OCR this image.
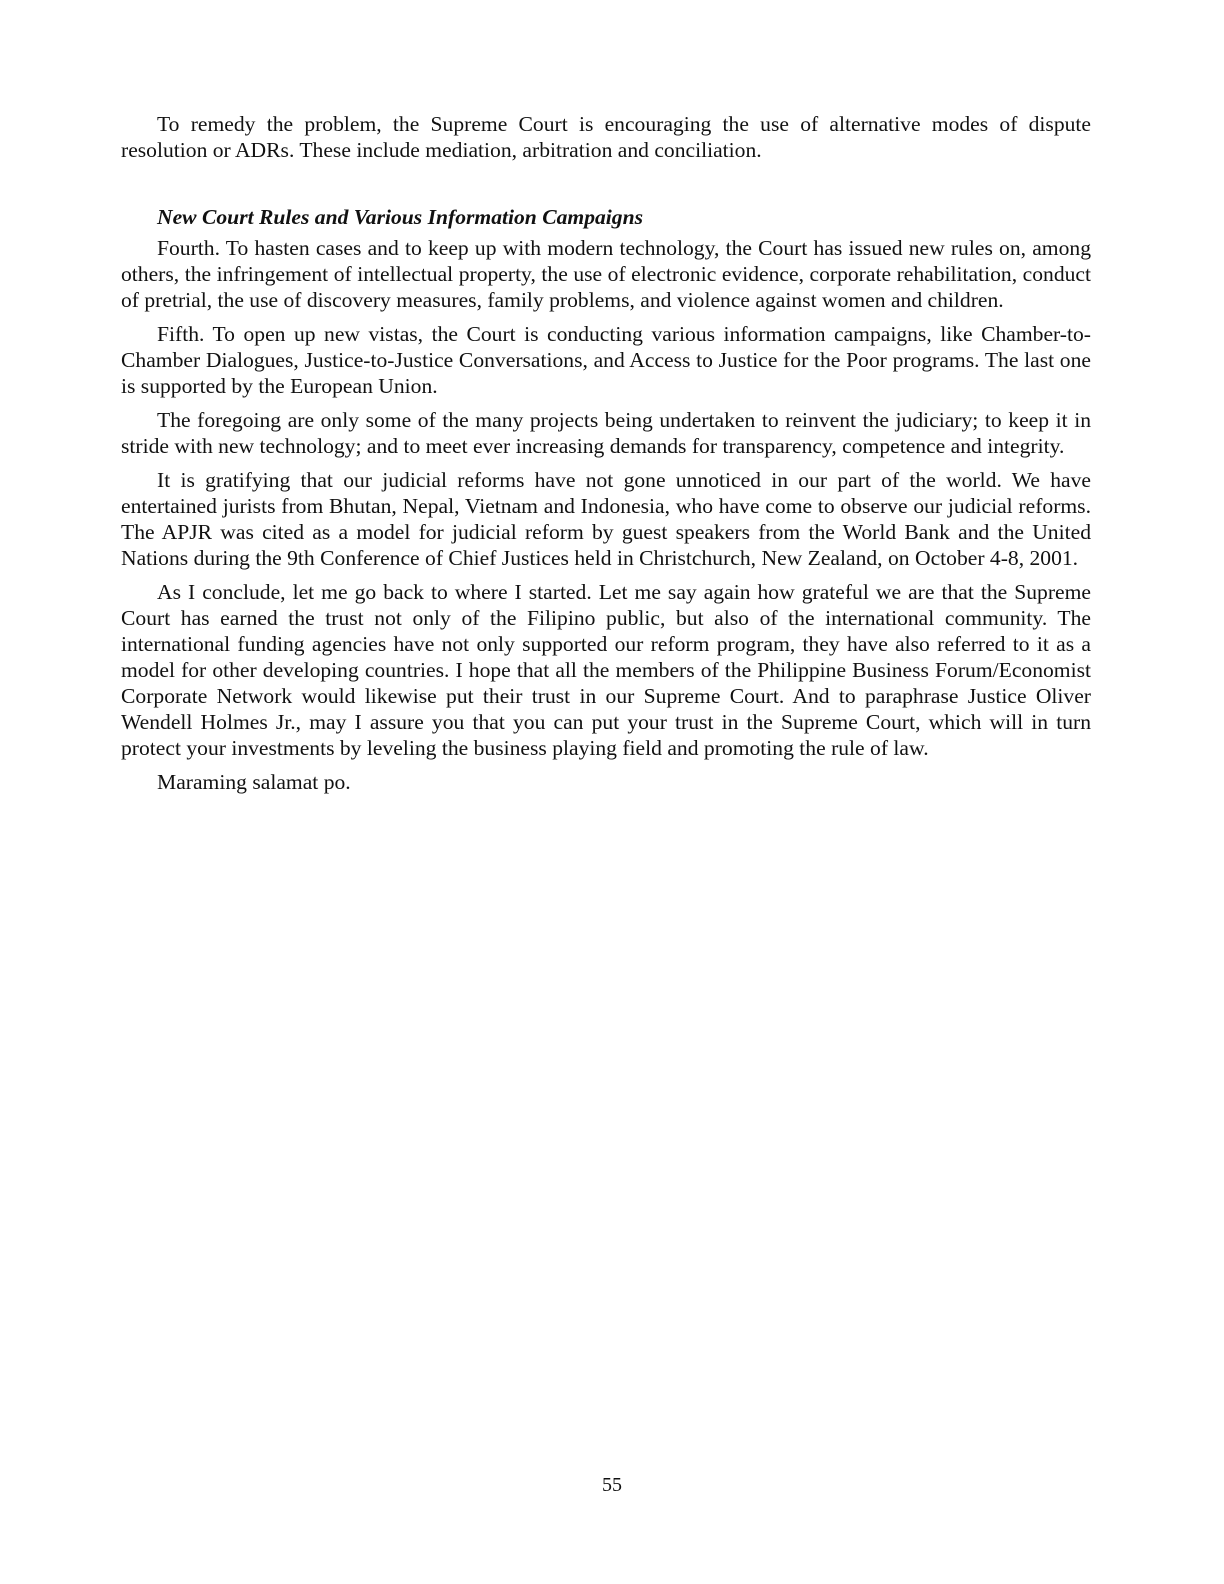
To remedy the problem, the Supreme Court is encouraging the use of alternative modes of dispute resolution or ADRs. These include mediation, arbitration and conciliation.

New Court Rules and Various Information Campaigns

Fourth. To hasten cases and to keep up with modern technology, the Court has issued new rules on, among others, the infringement of intellectual property, the use of electronic evidence, corporate rehabilitation, conduct of pretrial, the use of discovery measures, family problems, and violence against women and children.

Fifth. To open up new vistas, the Court is conducting various information campaigns, like Chamber-to-Chamber Dialogues, Justice-to-Justice Conversations, and Access to Justice for the Poor programs. The last one is supported by the European Union.

The foregoing are only some of the many projects being undertaken to reinvent the judiciary; to keep it in stride with new technology; and to meet ever increasing demands for transparency, competence and integrity.

It is gratifying that our judicial reforms have not gone unnoticed in our part of the world. We have entertained jurists from Bhutan, Nepal, Vietnam and Indonesia, who have come to observe our judicial reforms. The APJR was cited as a model for judicial reform by guest speakers from the World Bank and the United Nations during the 9th Conference of Chief Justices held in Christchurch, New Zealand, on October 4-8, 2001.

As I conclude, let me go back to where I started. Let me say again how grateful we are that the Supreme Court has earned the trust not only of the Filipino public, but also of the international community. The international funding agencies have not only supported our reform program, they have also referred to it as a model for other developing countries. I hope that all the members of the Philippine Business Forum/Economist Corporate Network would likewise put their trust in our Supreme Court. And to paraphrase Justice Oliver Wendell Holmes Jr., may I assure you that you can put your trust in the Supreme Court, which will in turn protect your investments by leveling the business playing field and promoting the rule of law.

Maraming salamat po.

55
